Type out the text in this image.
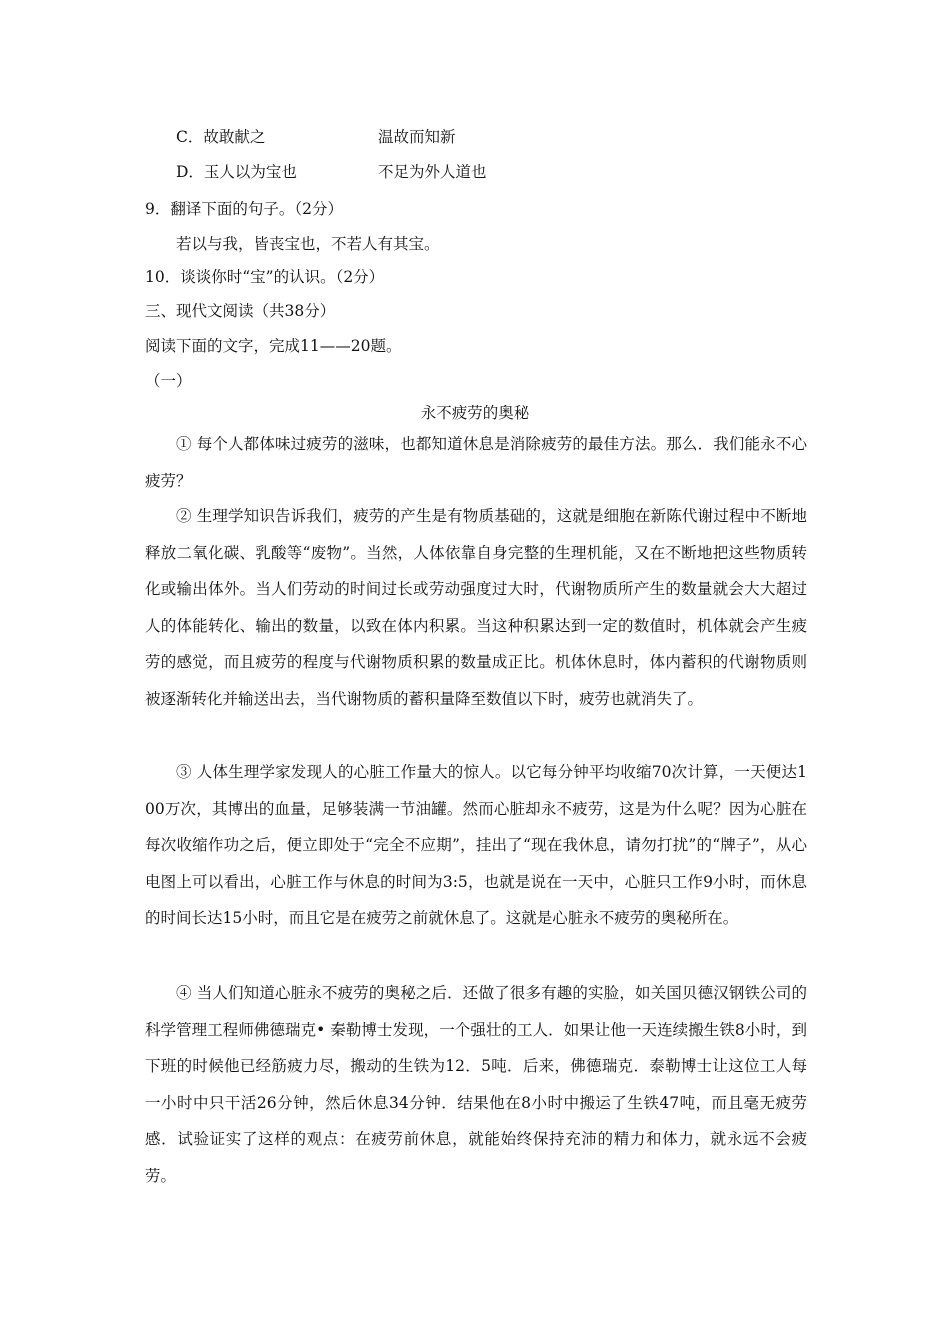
C．故敢献之	温故而知新
D．玉人以为宝也	不足为外人道也
9．翻译下面的句子。（2分）
若以与我，皆丧宝也，不若人有其宝。
10．谈谈你时“宝”的认识。（2分）
三、现代文阅读（共38分）
阅读下面的文字，完成11——20题。
（一）
永不疲劳的奥秘
① 每个人都体味过疲劳的滋味，也都知道休息是消除疲劳的最佳方法。那么．我们能永不心疲劳？
② 生理学知识告诉我们，疲劳的产生是有物质基础的，这就是细胞在新陈代谢过程中不断地释放二氧化碳、乳酸等“废物”。当然，人体依靠自身完整的生理机能，又在不断地把这些物质转化或输出体外。当人们劳动的时间过长或劳动强度过大时，代谢物质所产生的数量就会大大超过人的体能转化、输出的数量，以致在体内积累。当这种积累达到一定的数值时，机体就会产生疲劳的感觉，而且疲劳的程度与代谢物质积累的数量成正比。机体休息时，体内蓄积的代谢物质则被逐渐转化并输送出去，当代谢物质的蓄积量降至数值以下时，疲劳也就消失了。
③ 人体生理学家发现人的心脏工作量大的惊人。以它每分钟平均收缩70次计算，一天便达100万次，其博出的血量，足够装满一节油罐。然而心脏却永不疲劳，这是为什么呢？因为心脏在每次收缩作功之后，便立即处于“完全不应期”，挂出了“现在我休息，请勿打扰”的“牌子”，从心电图上可以看出，心脏工作与休息的时间为3:5，也就是说在一天中，心脏只工作9小时，而休息的时间长达15小时，而且它是在疲劳之前就休息了。这就是心脏永不疲劳的奥秘所在。
④ 当人们知道心脏永不疲劳的奥秘之后．还做了很多有趣的实脸，如关国贝德汉钢铁公司的科学管理工程师佛德瑞克• 秦勒博士发现，一个强壮的工人．如果让他一天连续搬生铁8小时，到下班的时候他已经筋疲力尽，搬动的生铁为12．5吨．后来，佛德瑞克．泰勒博士让这位工人每一小时中只干活26分钟，然后休息34分钟．结果他在8小时中搬运了生铁47吨，而且毫无疲劳感．试验证实了这样的观点：在疲劳前休息，就能始终保持充沛的精力和体力，就永远不会疲劳。
